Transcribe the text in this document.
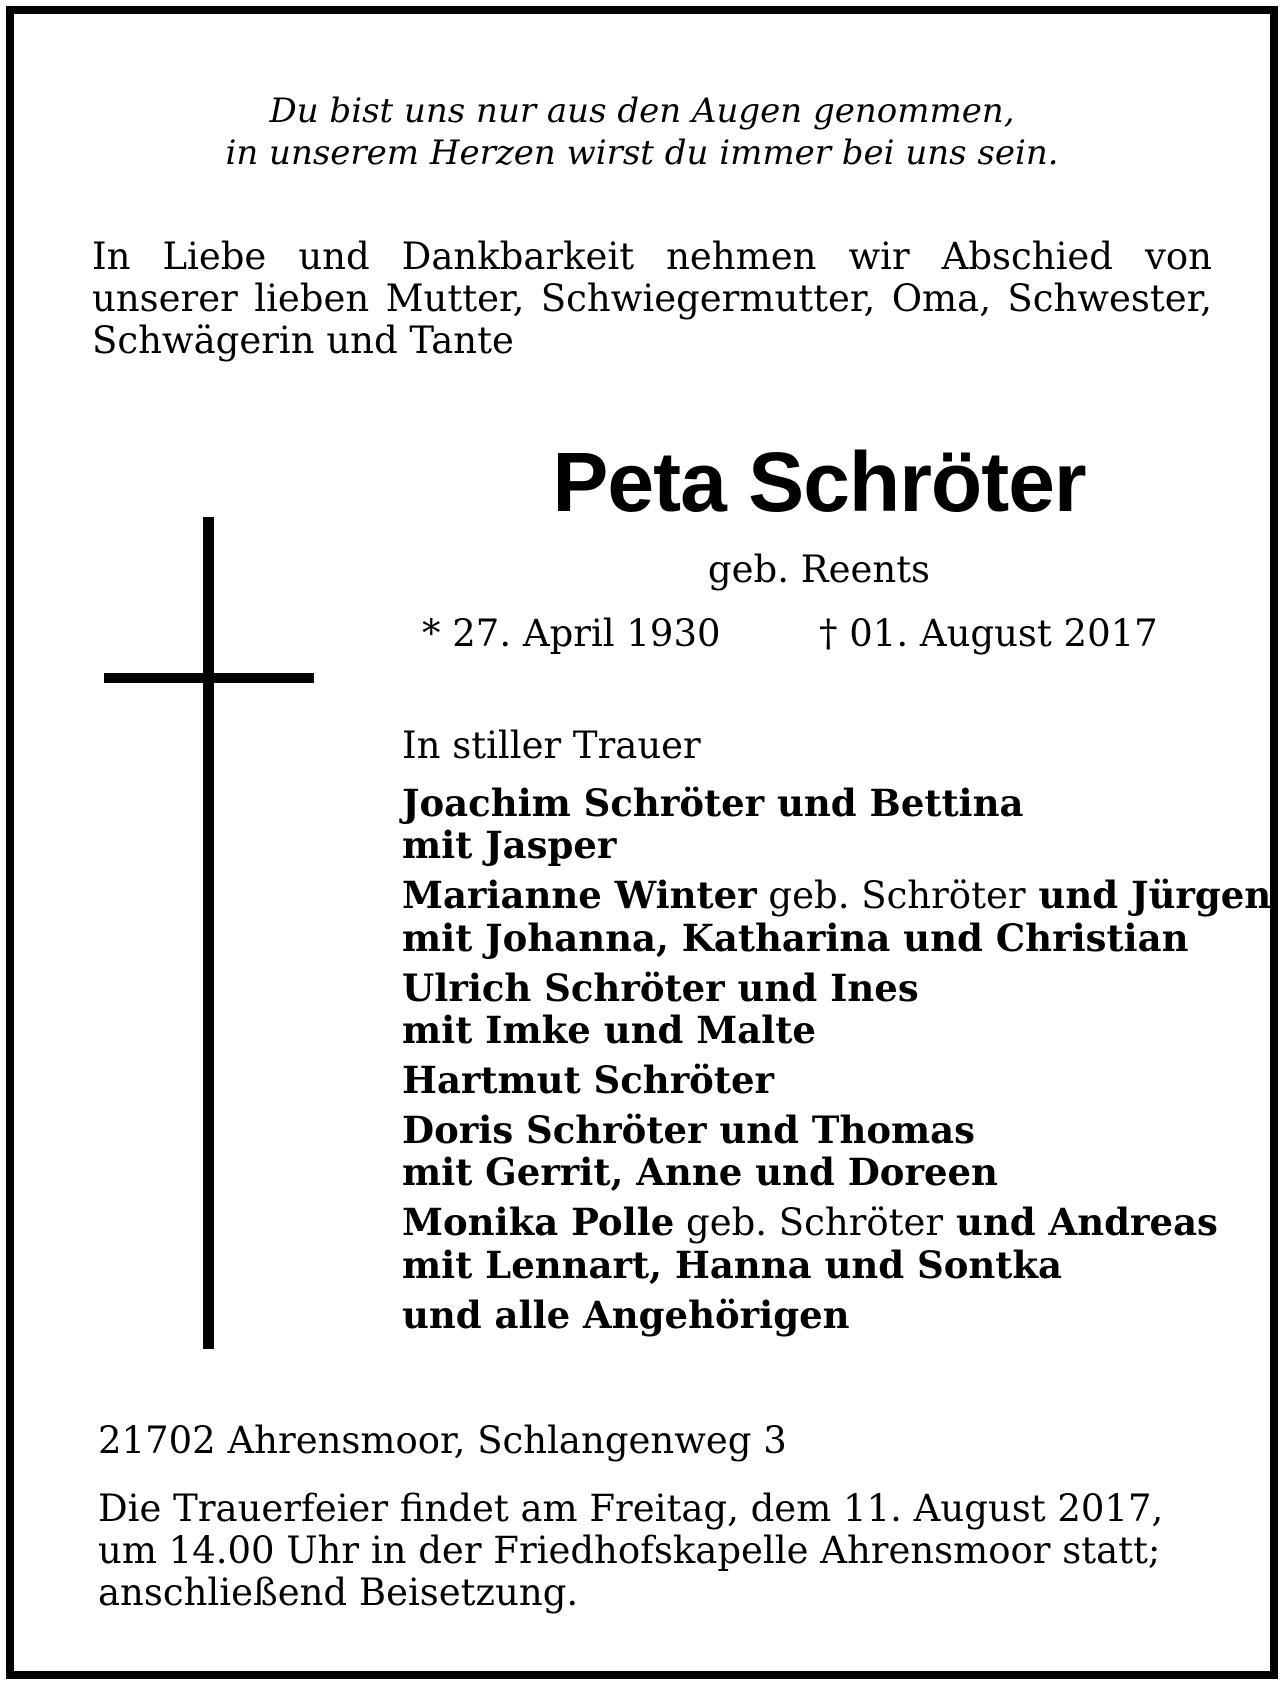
Du bist uns nur aus den Augen genommen,
in unserem Herzen wirst du immer bei uns sein.
In Liebe und Dankbarkeit nehmen wir Abschied von
unserer lieben Mutter, Schwiegermutter, Oma, Schwester,
Schwägerin und Tante
Peta Schröter
geb. Reents
* 27. April 1930	† 01. August 2017
In stiller Trauer
Joachim Schröter und Bettina
mit Jasper
Marianne Winter geb. Schröter und Jürgen
mit Johanna, Katharina und Christian
Ulrich Schröter und Ines
mit Imke und Malte
Hartmut Schröter
Doris Schröter und Thomas
mit Gerrit, Anne und Doreen
Monika Polle geb. Schröter und Andreas
mit Lennart, Hanna und Sontka
und alle Angehörigen
21702 Ahrensmoor, Schlangenweg 3
Die Trauerfeier findet am Freitag, dem 11. August 2017,
um 14.00 Uhr in der Friedhofskapelle Ahrensmoor statt;
anschließend Beisetzung.
